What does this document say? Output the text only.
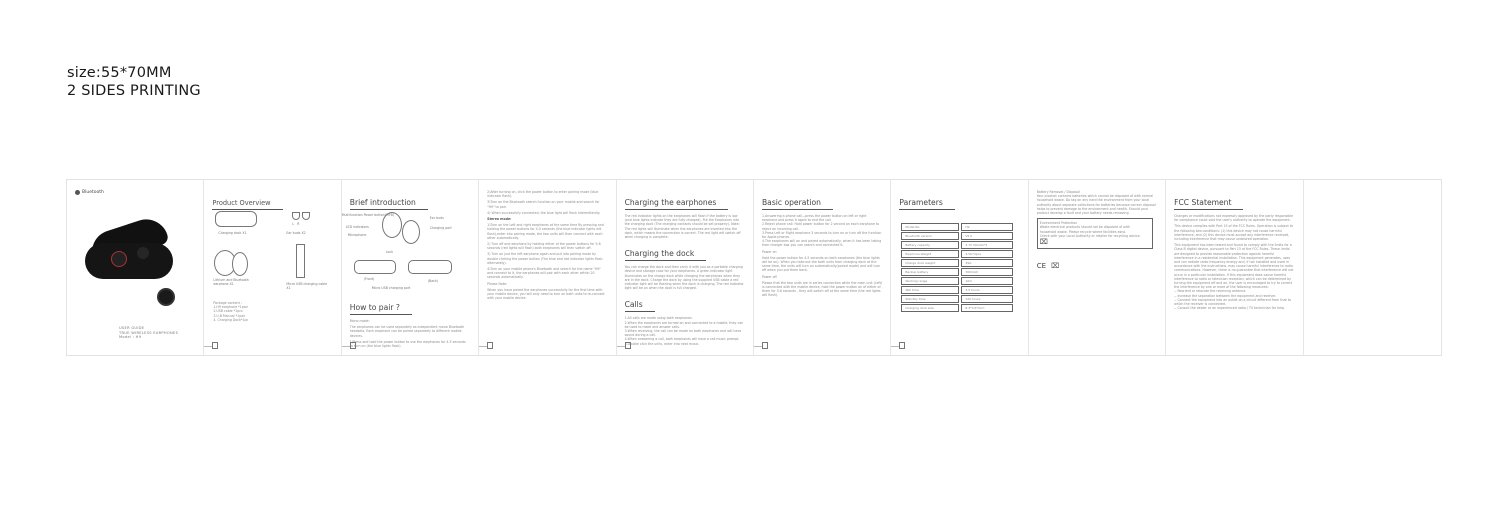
size:55*70MM
2 SIDES PRINTING
Bluetooth
USER GUIDE
TRUE WIRELESS EARPHONES
Model : H9
Product Overview
Charging dock X1
L R
Ear buds X2
Lithium and Bluetooth earphone X1	Micro USB charging cable X1
Package content :
1.H9 earphone *1pair
2.USB cable *1pcs
3.U.B Manual *1pair
4. Charging Dock*1pc
Brief introduction
Multifunction Power button(MFB)
LED indicators
Microphone
Ear buds
Charging port
Lock
(Front)	(Back)
Micro USB charging port
How to pair ?

Mono mode:

The earphones can be used separately as independent mono Bluetooth headsets. Each earphone can be paired separately to different mobile devices.

1)Press and hold the power button to use the earphones for 4-5 seconds to turn on (the blue lights flash).

2)After turning on, click the power button to enter pairing mode (blue indicator flash).

3)Turn on the Bluetooth search function on your mobile and search for "H9" to pair.

4) When successfully connected, the blue light will flash intermittently.

Stereo mode:

1)Turn on the Left and right earphones at the same time By pressing and holding the power buttons for 4-5 seconds (the blue indicator lights will flash),enter into pairing mode, the two units will then connect with each other automatically.

2) Turn off one earphone by holding either of the power buttons for 5-6 seconds (red lights will flash) both earphones will then switch off.

3) Turn on just the left earphone again and put into pairing mode by double clicking the power button (The blue and red indicator lights flash alternately).

4)Turn on your mobile phone's Bluetooth and search for the name "H9" and connect to it, the earphones will pair with each other within 20 seconds automatically.

Please Note:

When you have paired the earphones successfully for the first time with your mobile device, you will only need to turn on both units to re-connect with your mobile device.

Charging the earphones

The red indicator lights on the earphones will flash if the battery is low (and blue lights indicate they are fully charged). Put the Earphones into the charging dock (The charging contacts should be set properly). Note: The red lights will illuminate when the earphones are inserted into the dock, which means the connection is correct. The red light will switch off when charging is complete.

Charging the dock

You can charge the dock and then carry it with you as a portable charging device and storage case for your earphones. A green indicator light illuminates on the charge dock while charging the earphones when they are in the dock. Charge the dock by using the supplied USB cable a red indicator light will be flashing when the dock is charging. The red indicator light will be on when the dock is full charged.

Calls
1.All calls are made using both earphones.
2.When the earphones are turned on and connected to a mobile, they can be used to make and answer calls.
3.When receiving, the call can be made on both earphones and will have sound during a call.
4.When answering a call, both earphones will have a call music prompt.
5.Double click the units, enter into next music.
Basic operation
1.Answering a phone call—press the power button on left or right earphone and press it again to end the call.
2.Reject phone call: Hold power button for 2 second on each earphone to reject an incoming call.
3.Press Left or Right earphone 3 seconds to turn on or turn off the function for Apple phones.

4.The earphones will on and paired automatically, when it has been taking from charger box you can search and connected it.

Power on

Hold the power button for 4-5 seconds on both earphones (the blue lights will be on). When you take out the both units from charging dock at the same time, the units will turn on automatically(paired mode) and will turn off when you put them back.

Power off

Please that the two units are in series connection while the main unit (Left) is connected with the mobile device, hold the power button on of either of them for 5-6 seconds , they will switch off at the same time (the red lights will flash).

Parameters
Model No.	H9
Bluetooth version	V5.0
Battery capacity	3.7V 50mAh*2
Earphone Weight	4.5G*2pcs
Charge dock weight	39G
Backup battery	300mAh
Working range	10m
Talk time	3.5 hours
Standby time	120 hours
Charging dock size	8.3*3.6*3cm
Battery Removal / Disposal

Your product contains batteries which cannot be disposed of with normal household waste. Do tag on any hard the environment from your local authority about separate collections for batteries because correct disposal helps to prevent damage to the environment and health. Should your product develop a fault and your battery needs removing.

Environment Protection
Waste electrical products should not be disposed of with
household waste. Please recycle where facilities exist.
Check with your Local Authority or retailer for recycling advice.
⌧
CE ⌧
FCC Statement

Changes or modifications not expressly approved by the party responsible for compliance could void the user's authority to operate the equipment.

This device complies with Part 15 of the FCC Rules. Operation is subject to the following two conditions: (1) this device may not cause harmful interference, and (2) this device must accept any interference received, including interference that may cause undesired operation.

This equipment has been tested and found to comply with the limits for a Class B digital device, pursuant to Part 15 of the FCC Rules. These limits are designed to provide reasonable protection against harmful interference in a residential installation. This equipment generates, uses and can radiate radio frequency energy and, if not installed and used in accordance with the instructions, may cause harmful interference to radio communications. However, there is no guarantee that interference will not occur in a particular installation. If this equipment does cause harmful interference to radio or television reception, which can be determined by turning the equipment off and on, the user is encouraged to try to correct the interference by one or more of the following measures:
-- Reorient or relocate the receiving antenna.
-- Increase the separation between the equipment and receiver.
-- Connect the equipment into an outlet on a circuit different from that to which the receiver is connected.
-- Consult the dealer or an experienced radio / TV technician for help.
